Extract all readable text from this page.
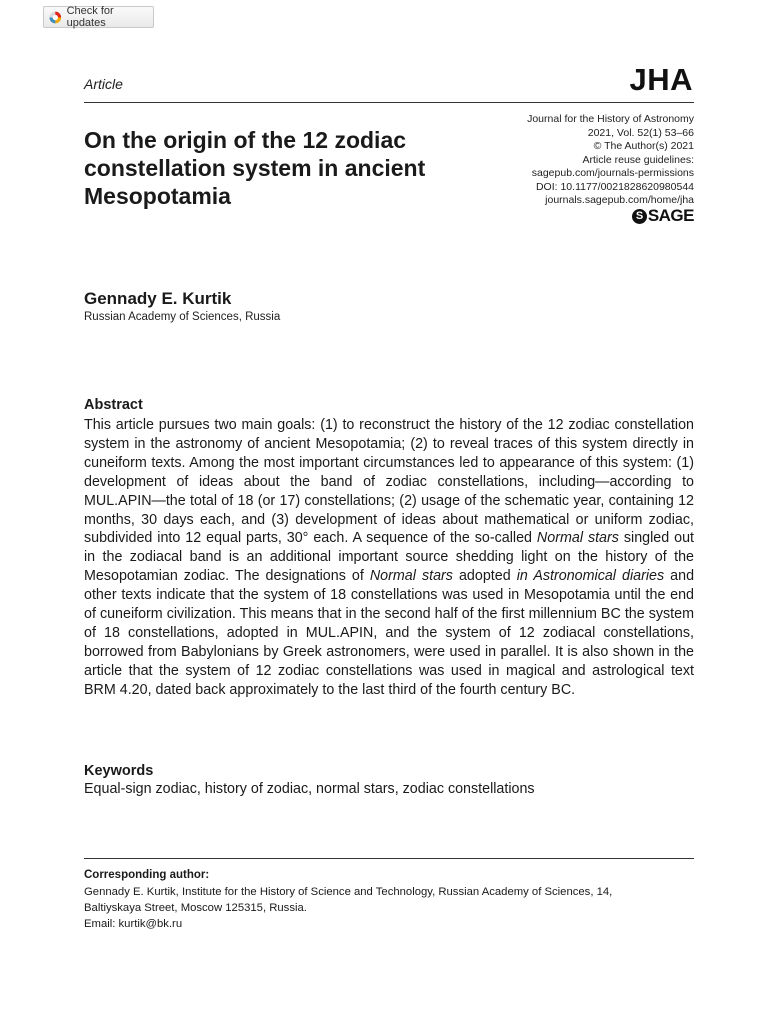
Check for updates
Article	JHA
On the origin of the 12 zodiac constellation system in ancient Mesopotamia
Journal for the History of Astronomy
2021, Vol. 52(1) 53–66
© The Author(s) 2021
Article reuse guidelines:
sagepub.com/journals-permissions
DOI: 10.1177/0021828620980544
journals.sagepub.com/home/jha
S SAGE
Gennady E. Kurtik
Russian Academy of Sciences, Russia
Abstract

This article pursues two main goals: (1) to reconstruct the history of the 12 zodiac constellation system in the astronomy of ancient Mesopotamia; (2) to reveal traces of this system directly in cuneiform texts. Among the most important circumstances led to appearance of this system: (1) development of ideas about the band of zodiac constellations, including—according to MUL.APIN—the total of 18 (or 17) constellations; (2) usage of the schematic year, containing 12 months, 30 days each, and (3) development of ideas about mathematical or uniform zodiac, subdivided into 12 equal parts, 30° each. A sequence of the so-called Normal stars singled out in the zodiacal band is an additional important source shedding light on the history of the Mesopotamian zodiac. The designations of Normal stars adopted in Astronomical diaries and other texts indicate that the system of 18 constellations was used in Mesopotamia until the end of cuneiform civilization. This means that in the second half of the first millennium BC the system of 18 constellations, adopted in MUL.APIN, and the system of 12 zodiacal constellations, borrowed from Babylonians by Greek astronomers, were used in parallel. It is also shown in the article that the system of 12 zodiac constellations was used in magical and astrological text BRM 4.20, dated back approximately to the last third of the fourth century BC.

Keywords
Equal-sign zodiac, history of zodiac, normal stars, zodiac constellations
Corresponding author:
Gennady E. Kurtik, Institute for the History of Science and Technology, Russian Academy of Sciences, 14,
Baltiyskaya Street, Moscow 125315, Russia.
Email: kurtik@bk.ru
